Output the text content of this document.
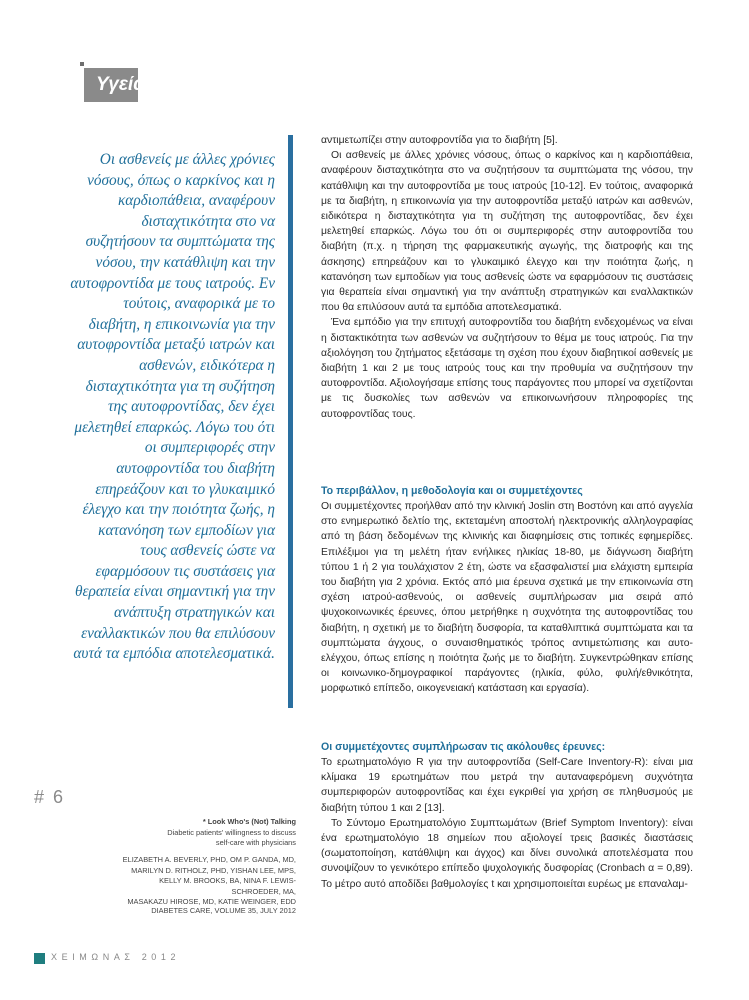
Υγεία
Οι ασθενείς με άλλες χρόνιες νόσους, όπως ο καρκίνος και η καρδιοπάθεια, αναφέρουν δισταχτικότητα στο να συζητήσουν τα συμπτώματα της νόσου, την κατάθλιψη και την αυτοφροντίδα με τους ιατρούς. Εν τούτοις, αναφορικά με το διαβήτη, η επικοινωνία για την αυτοφροντίδα μεταξύ ιατρών και ασθενών, ειδικότερα η δισταχτικότητα για τη συζήτηση της αυτοφροντίδας, δεν έχει μελετηθεί επαρκώς. Λόγω του ότι οι συμπεριφορές στην αυτοφροντίδα του διαβήτη επηρεάζουν και το γλυκαιμικό έλεγχο και την ποιότητα ζωής, η κατανόηση των εμποδίων για τους ασθενείς ώστε να εφαρμόσουν τις συστάσεις για θεραπεία είναι σημαντική για την ανάπτυξη στρατηγικών και εναλλακτικών που θα επιλύσουν αυτά τα εμπόδια αποτελεσματικά.

αντιμετωπίζει στην αυτοφροντίδα για το διαβήτη [5].

Οι ασθενείς με άλλες χρόνιες νόσους, όπως ο καρκίνος και η καρδιοπάθεια, αναφέρουν δισταχτικότητα στο να συζητήσουν τα συμπτώματα της νόσου, την κατάθλιψη και την αυτοφροντίδα με τους ιατρούς [10-12]. Εν τούτοις, αναφορικά με τα διαβήτη, η επικοινωνία για την αυτοφροντίδα μεταξύ ιατρών και ασθενών, ειδικότερα η δισταχτικότητα για τη συζήτηση της αυτοφροντίδας, δεν έχει μελετηθεί επαρκώς. Λόγω του ότι οι συμπεριφορές στην αυτοφροντίδα του διαβήτη (π.χ. η τήρηση της φαρμακευτικής αγωγής, της διατροφής και της άσκησης) επηρεάζουν και το γλυκαιμικό έλεγχο και την ποιότητα ζωής, η κατανόηση των εμποδίων για τους ασθενείς ώστε να εφαρμόσουν τις συστάσεις για θεραπεία είναι σημαντική για την ανάπτυξη στρατηγικών και εναλλακτικών που θα επιλύσουν αυτά τα εμπόδια αποτελεσματικά.

Ένα εμπόδιο για την επιτυχή αυτοφροντίδα του διαβήτη ενδεχομένως να είναι η διστακτικότητα των ασθενών να συζητήσουν το θέμα με τους ιατρούς. Για την αξιολόγηση του ζητήματος εξετάσαμε τη σχέση που έχουν διαβητικοί ασθενείς με διαβήτη 1 και 2 με τους ιατρούς τους και την προθυμία να συζητήσουν την αυτοφροντίδα. Αξιολογήσαμε επίσης τους παράγοντες που μπορεί να σχετίζονται με τις δυσκολίες των ασθενών να επικοινωνήσουν πληροφορίες της αυτοφροντίδας τους.

Το περιβάλλον, η μεθοδολογία και οι συμμετέχοντες

Οι συμμετέχοντες προήλθαν από την κλινική Joslin στη Βοστόνη και από αγγελία στο ενημερωτικό δελτίο της, εκτεταμένη αποστολή ηλεκτρονικής αλληλογραφίας από τη βάση δεδομένων της κλινικής και διαφημίσεις στις τοπικές εφημερίδες. Επιλέξιμοι για τη μελέτη ήταν ενήλικες ηλικίας 18-80, με διάγνωση διαβήτη τύπου 1 ή 2 για τουλάχιστον 2 έτη, ώστε να εξασφαλιστεί μια ελάχιστη εμπειρία του διαβήτη για 2 χρόνια. Εκτός από μια έρευνα σχετικά με την επικοινωνία στη σχέση ιατρού-ασθενούς, οι ασθενείς συμπλήρωσαν μια σειρά από ψυχοκοινωνικές έρευνες, όπου μετρήθηκε η συχνότητα της αυτοφροντίδας του διαβήτη, η σχετική με το διαβήτη δυσφορία, τα καταθλιπτικά συμπτώματα και τα συμπτώματα άγχους, ο συναισθηματικός τρόπος αντιμετώπισης και αυτο-ελέγχου, όπως επίσης η ποιότητα ζωής με το διαβήτη. Συγκεντρώθηκαν επίσης οι κοινωνικο-δημογραφικοί παράγοντες (ηλικία, φύλο, φυλή/εθνικότητα, μορφωτικό επίπεδο, οικογενειακή κατάσταση και εργασία).

Οι συμμετέχοντες συμπλήρωσαν τις ακόλουθες έρευνες:

Το ερωτηματολόγιο R για την αυτοφροντίδα (Self-Care Inventory-R): είναι μια κλίμακα 19 ερωτημάτων που μετρά την αυταναφερόμενη συχνότητα συμπεριφορών αυτοφροντίδας και έχει εγκριθεί για χρήση σε πληθυσμούς με διαβήτη τύπου 1 και 2 [13].

Το Σύντομο Ερωτηματολόγιο Συμπτωμάτων (Brief Symptom Inventory): είναι ένα ερωτηματολόγιο 18 σημείων που αξιολογεί τρεις βασικές διαστάσεις (σωματοποίηση, κατάθλιψη και άγχος) και δίνει συνολικά αποτελέσματα που συνοψίζουν το γενικότερο επίπεδο ψυχολογικής δυσφορίας (Cronbach α = 0,89). Το μέτρο αυτό αποδίδει βαθμολογίες t και χρησιμοποιείται ευρέως με επαναλαμ-

# 6
* Look Who's (Not) Talking
Diabetic patients' willingness to discuss
self-care with physicians
ELIZABETH A. BEVERLY, PHD, OM P. GANDA, MD,
MARILYN D. RITHOLZ, PHD, YISHAN LEE, MPS,
KELLY M. BROOKS, BA, NINA F. LEWIS-SCHROEDER, MA,
MASAKAZU HIROSE, MD, KATIE WEINGER, EDD
DIABETES CARE, VOLUME 35, JULY 2012
ΧΕΙΜΩΝΑΣ 2012
